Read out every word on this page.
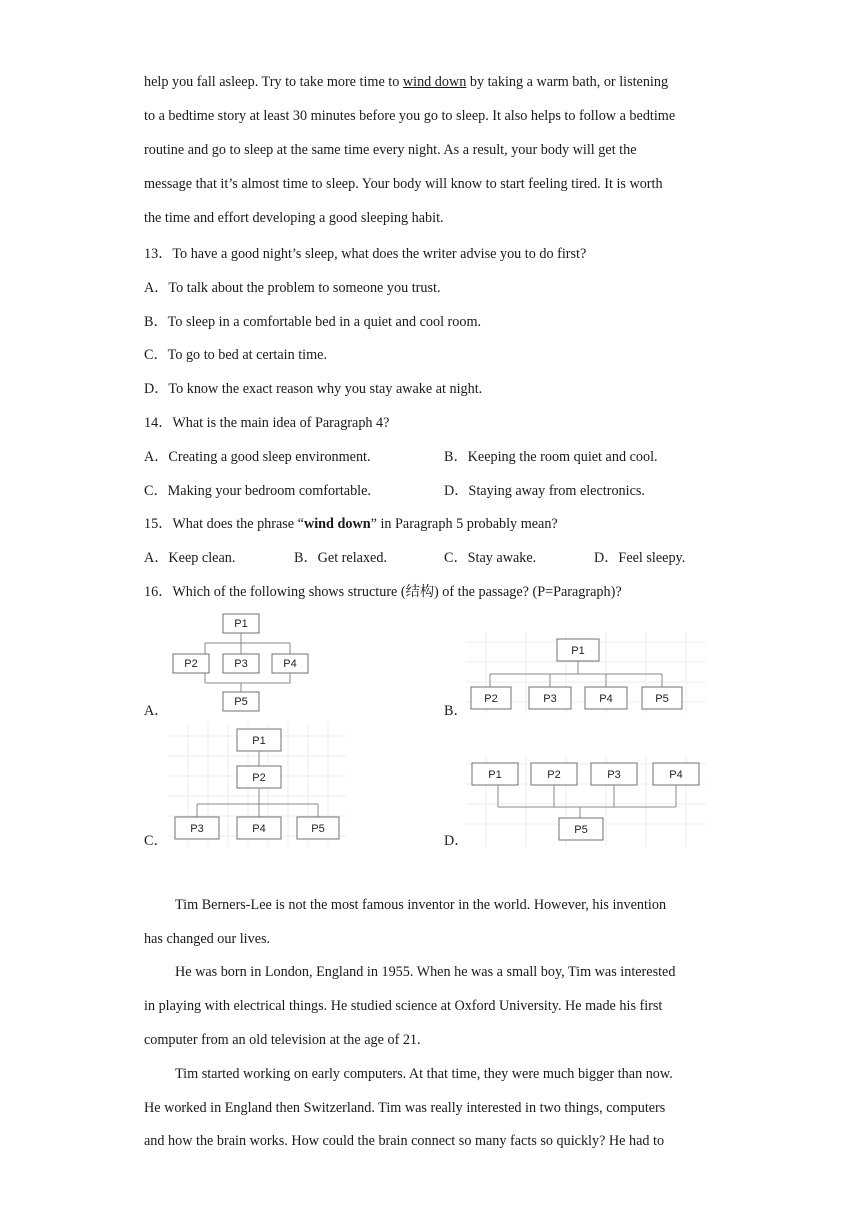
help you fall asleep. Try to take more time to wind down by taking a warm bath, or listening
to a bedtime story at least 30 minutes before you go to sleep. It also helps to follow a bedtime
routine and go to sleep at the same time every night. As a result, your body will get the
message that it’s almost time to sleep. Your body will know to start feeling tired. It is worth
the time and effort developing a good sleeping habit.
13．To have a good night’s sleep, what does the writer advise you to do first?
A．To talk about the problem to someone you trust.
B．To sleep in a comfortable bed in a quiet and cool room.
C．To go to bed at certain time.
D．To know the exact reason why you stay awake at night.
14．What is the main idea of Paragraph 4?
A．Creating a good sleep environment.	B．Keeping the room quiet and cool.
C．Making your bedroom comfortable.	D．Staying away from electronics.
15．What does the phrase “wind down” in Paragraph 5 probably mean?
A．Keep clean.	B．Get relaxed.	C．Stay awake.	D．Feel sleepy.
16．Which of the following shows structure (结构) of the passage? (P=Paragraph)?
A．
P1
P2	P3	P4
P5
B．
P1
P2	P3	P4	P5
C．
P1
P2
P3	P4	P5
D．
P1	P2	P3	P4
P5
Tim Berners-Lee is not the most famous inventor in the world. However, his invention
has changed our lives.
He was born in London, England in 1955. When he was a small boy, Tim was interested
in playing with electrical things. He studied science at Oxford University. He made his first
computer from an old television at the age of 21.
Tim started working on early computers. At that time, they were much bigger than now.
He worked in England then Switzerland. Tim was really interested in two things, computers
and how the brain works. How could the brain connect so many facts so quickly? He had to
